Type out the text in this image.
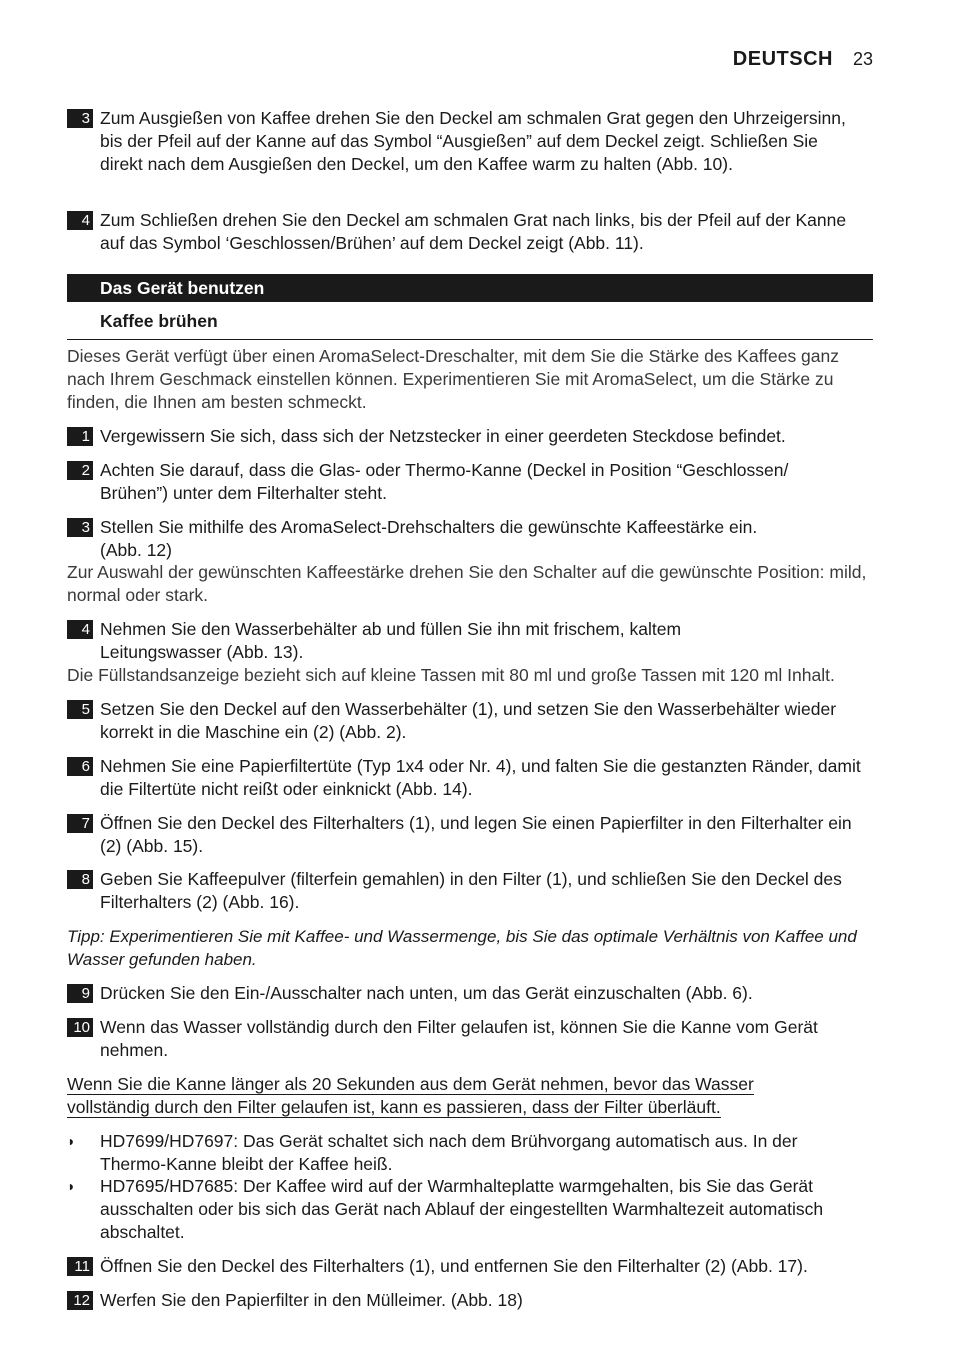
DEUTSCH 23
3 Zum Ausgießen von Kaffee drehen Sie den Deckel am schmalen Grat gegen den Uhrzeigersinn, bis der Pfeil auf der Kanne auf das Symbol “Ausgießen” auf dem Deckel zeigt. Schließen Sie direkt nach dem Ausgießen den Deckel, um den Kaffee warm zu halten (Abb. 10).
4 Zum Schließen drehen Sie den Deckel am schmalen Grat nach links, bis der Pfeil auf der Kanne auf das Symbol ‘Geschlossen/Brühen’ auf dem Deckel zeigt (Abb. 11).
Das Gerät benutzen
Kaffee brühen
Dieses Gerät verfügt über einen AromaSelect-Dreschalter, mit dem Sie die Stärke des Kaffees ganz nach Ihrem Geschmack einstellen können. Experimentieren Sie mit AromaSelect, um die Stärke zu finden, die Ihnen am besten schmeckt.
1 Vergewissern Sie sich, dass sich der Netzstecker in einer geerdeten Steckdose befindet.
2 Achten Sie darauf, dass die Glas- oder Thermo-Kanne (Deckel in Position “Geschlossen/ Brühen”) unter dem Filterhalter steht.
3 Stellen Sie mithilfe des AromaSelect-Drehschalters die gewünschte Kaffeestärke ein. (Abb. 12)
Zur Auswahl der gewünschten Kaffeestärke drehen Sie den Schalter auf die gewünschte Position: mild, normal oder stark.
4 Nehmen Sie den Wasserbehälter ab und füllen Sie ihn mit frischem, kaltem Leitungswasser (Abb. 13).
Die Füllstandsanzeige bezieht sich auf kleine Tassen mit 80 ml und große Tassen mit 120 ml Inhalt.
5 Setzen Sie den Deckel auf den Wasserbehälter (1), und setzen Sie den Wasserbehälter wieder korrekt in die Maschine ein (2) (Abb. 2).
6 Nehmen Sie eine Papierfiltertüte (Typ 1x4 oder Nr. 4), und falten Sie die gestanzten Ränder, damit die Filtertüte nicht reißt oder einknickt (Abb. 14).
7 Öffnen Sie den Deckel des Filterhalters (1), und legen Sie einen Papierfilter in den Filterhalter ein (2) (Abb. 15).
8 Geben Sie Kaffeepulver (filterfein gemahlen) in den Filter (1), und schließen Sie den Deckel des Filterhalters (2) (Abb. 16).
Tipp: Experimentieren Sie mit Kaffee- und Wassermenge, bis Sie das optimale Verhältnis von Kaffee und Wasser gefunden haben.
9 Drücken Sie den Ein-/Ausschalter nach unten, um das Gerät einzuschalten (Abb. 6).
10 Wenn das Wasser vollständig durch den Filter gelaufen ist, können Sie die Kanne vom Gerät nehmen.
Wenn Sie die Kanne länger als 20 Sekunden aus dem Gerät nehmen, bevor das Wasser vollständig durch den Filter gelaufen ist, kann es passieren, dass der Filter überläuft.
◗ HD7699/HD7697: Das Gerät schaltet sich nach dem Brühvorgang automatisch aus. In der Thermo-Kanne bleibt der Kaffee heiß.
◗ HD7695/HD7685: Der Kaffee wird auf der Warmhalteplatte warmgehalten, bis Sie das Gerät ausschalten oder bis sich das Gerät nach Ablauf der eingestellten Warmhaltezeit automatisch abschaltet.
11 Öffnen Sie den Deckel des Filterhalters (1), und entfernen Sie den Filterhalter (2) (Abb. 17).
12 Werfen Sie den Papierfilter in den Mülleimer. (Abb. 18)
